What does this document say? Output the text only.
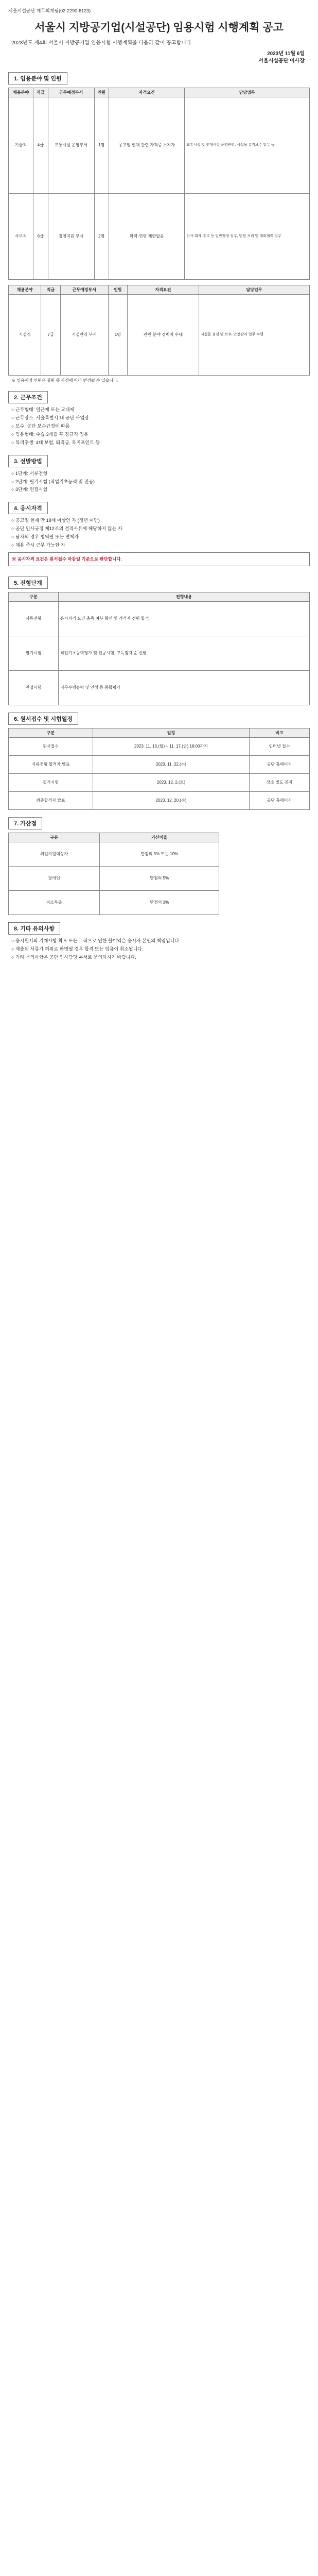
서울시설공단 재무회계팀(02-2290-6123)
서울시 지방공기업(시설공단) 임용시험 시행계획 공고
2023년도 제4회 서울시 지방공기업 임용시험 시행계획을 다음과 같이 공고합니다.
2023년 11월 6일
서울시설공단 이사장
1. 임용분야 및 인원
채용분야	직급	근무예정부서	인원	자격요건	담당업무
기술직	4급	교통시설 운영부서	1명	공고일 현재 관련 자격증 소지자	교통시설 및 부대시설 운영관리, 시설물 유지보수 업무 등
사무직	6급	경영지원 부서	2명	학력·연령 제한없음	인사·회계·총무 등 일반행정 업무, 민원 처리 및 대외협력 업무
채용분야	직급	근무예정부서	인원	자격요건	담당업무
시설직	7급	시설관리 부서	1명	관련 분야 경력자 우대	시설물 점검 및 보수, 안전관리 업무 수행
※ 임용예정 인원은 결원 등 사정에 따라 변경될 수 있습니다.
2. 근무조건

○ 근무형태: 일근제 또는 교대제

○ 근무장소: 서울특별시 내 공단 사업장

○ 보수: 공단 보수규정에 따름

○ 임용형태: 수습 3개월 후 정규직 임용

○ 복리후생: 4대 보험, 퇴직금, 복지포인트 등

3. 선발방법

○ 1단계: 서류전형

○ 2단계: 필기시험 (직업기초능력 및 전공)

○ 3단계: 면접시험

4. 응시자격

○ 공고일 현재 만 18세 이상인 자 (정년 미만)

○ 공단 인사규정 제12조의 결격사유에 해당하지 않는 자

○ 남자의 경우 병역필 또는 면제자

○ 채용 즉시 근무 가능한 자

※ 응시자격 요건은 원서접수 마감일 기준으로 판단합니다.
5. 전형단계
구분	전형내용
서류전형	응시자격 요건 충족 여부 확인 및 적격자 전원 합격
필기시험	직업기초능력평가 및 전공시험, 고득점자 순 선발
면접시험	직무수행능력 및 인성 등 종합평가
6. 원서접수 및 시험일정
구분	일정	비고
원서접수	2023. 11. 13.(월) ~ 11. 17.(금) 18:00까지	인터넷 접수
서류전형 합격자 발표	2023. 11. 22.(수)	공단 홈페이지
필기시험	2023. 12. 2.(토)	장소 별도 공지
최종합격자 발표	2023. 12. 20.(수)	공단 홈페이지
7. 가산점
구분	가산비율
취업지원대상자	만점의 5% 또는 10%
장애인	만점의 5%
저소득층	만점의 3%
8. 기타 유의사항

○ 응시원서의 기재사항 착오 또는 누락으로 인한 불이익은 응시자 본인의 책임입니다.

○ 제출된 서류가 허위로 판명될 경우 합격 또는 임용이 취소됩니다.

○ 기타 문의사항은 공단 인사담당 부서로 문의하시기 바랍니다.
